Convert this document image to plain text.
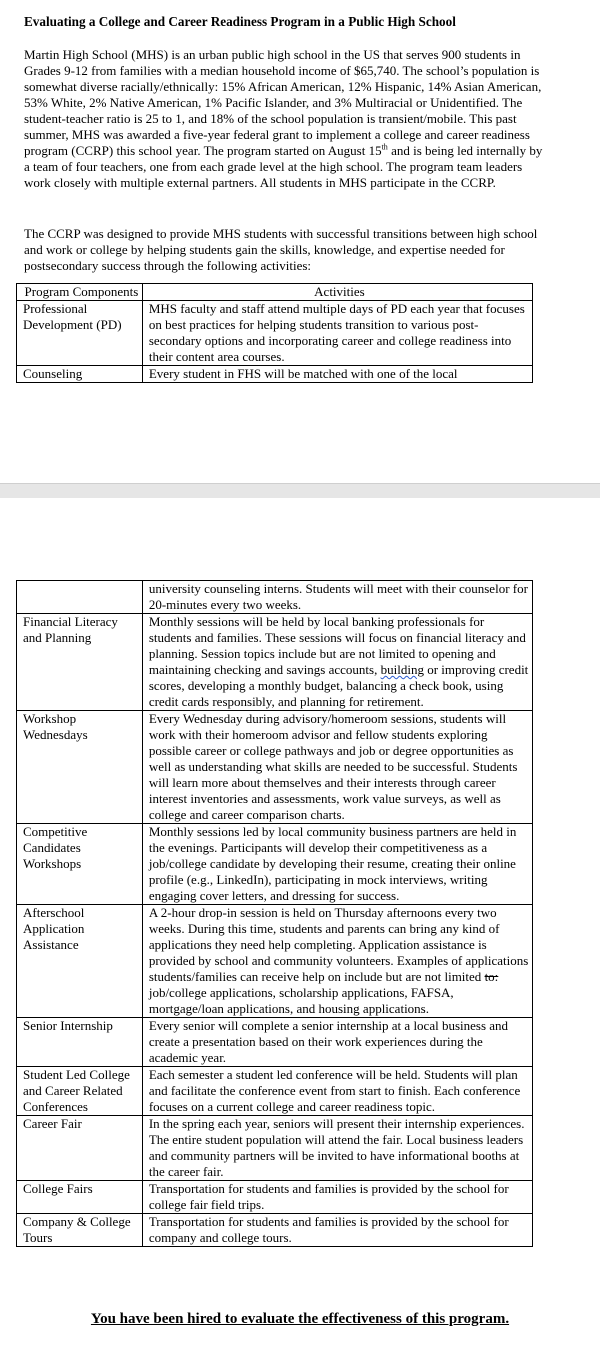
Evaluating a College and Career Readiness Program in a Public High School
Martin High School (MHS) is an urban public high school in the US that serves 900 students in Grades 9-12 from families with a median household income of $65,740. The school’s population is somewhat diverse racially/ethnically: 15% African American, 12% Hispanic, 14% Asian American, 53% White, 2% Native American, 1% Pacific Islander, and 3% Multiracial or Unidentified. The student-teacher ratio is 25 to 1, and 18% of the school population is transient/mobile. This past summer, MHS was awarded a five-year federal grant to implement a college and career readiness program (CCRP) this school year. The program started on August 15th and is being led internally by a team of four teachers, one from each grade level at the high school. The program team leaders work closely with multiple external partners. All students in MHS participate in the CCRP.
The CCRP was designed to provide MHS students with successful transitions between high school and work or college by helping students gain the skills, knowledge, and expertise needed for postsecondary success through the following activities:
Program Components	Activities
Professional Development (PD)	MHS faculty and staff attend multiple days of PD each year that focuses on best practices for helping students transition to various post-secondary options and incorporating career and college readiness into their content area courses.
Counseling	Every student in FHS will be matched with one of the local
	university counseling interns. Students will meet with their counselor for 20-minutes every two weeks.
Financial Literacy and Planning	Monthly sessions will be held by local banking professionals for students and families. These sessions will focus on financial literacy and planning. Session topics include but are not limited to opening and maintaining checking and savings accounts, building or improving credit scores, developing a monthly budget, balancing a check book, using credit cards responsibly, and planning for retirement.
Workshop Wednesdays	Every Wednesday during advisory/homeroom sessions, students will work with their homeroom advisor and fellow students exploring possible career or college pathways and job or degree opportunities as well as understanding what skills are needed to be successful. Students will learn more about themselves and their interests through career interest inventories and assessments, work value surveys, as well as college and career comparison charts.
Competitive Candidates Workshops	Monthly sessions led by local community business partners are held in the evenings. Participants will develop their competitiveness as a job/college candidate by developing their resume, creating their online profile (e.g., LinkedIn), participating in mock interviews, writing engaging cover letters, and dressing for success.
Afterschool Application Assistance	A 2-hour drop-in session is held on Thursday afternoons every two weeks. During this time, students and parents can bring any kind of applications they need help completing. Application assistance is provided by school and community volunteers. Examples of applications students/families can receive help on include but are not limited to: job/college applications, scholarship applications, FAFSA, mortgage/loan applications, and housing applications.
Senior Internship	Every senior will complete a senior internship at a local business and create a presentation based on their work experiences during the academic year.
Student Led College and Career Related Conferences	Each semester a student led conference will be held. Students will plan and facilitate the conference event from start to finish. Each conference focuses on a current college and career readiness topic.
Career Fair	In the spring each year, seniors will present their internship experiences. The entire student population will attend the fair. Local business leaders and community partners will be invited to have informational booths at the career fair.
College Fairs	Transportation for students and families is provided by the school for college fair field trips.
Company & College Tours	Transportation for students and families is provided by the school for company and college tours.
You have been hired to evaluate the effectiveness of this program.
